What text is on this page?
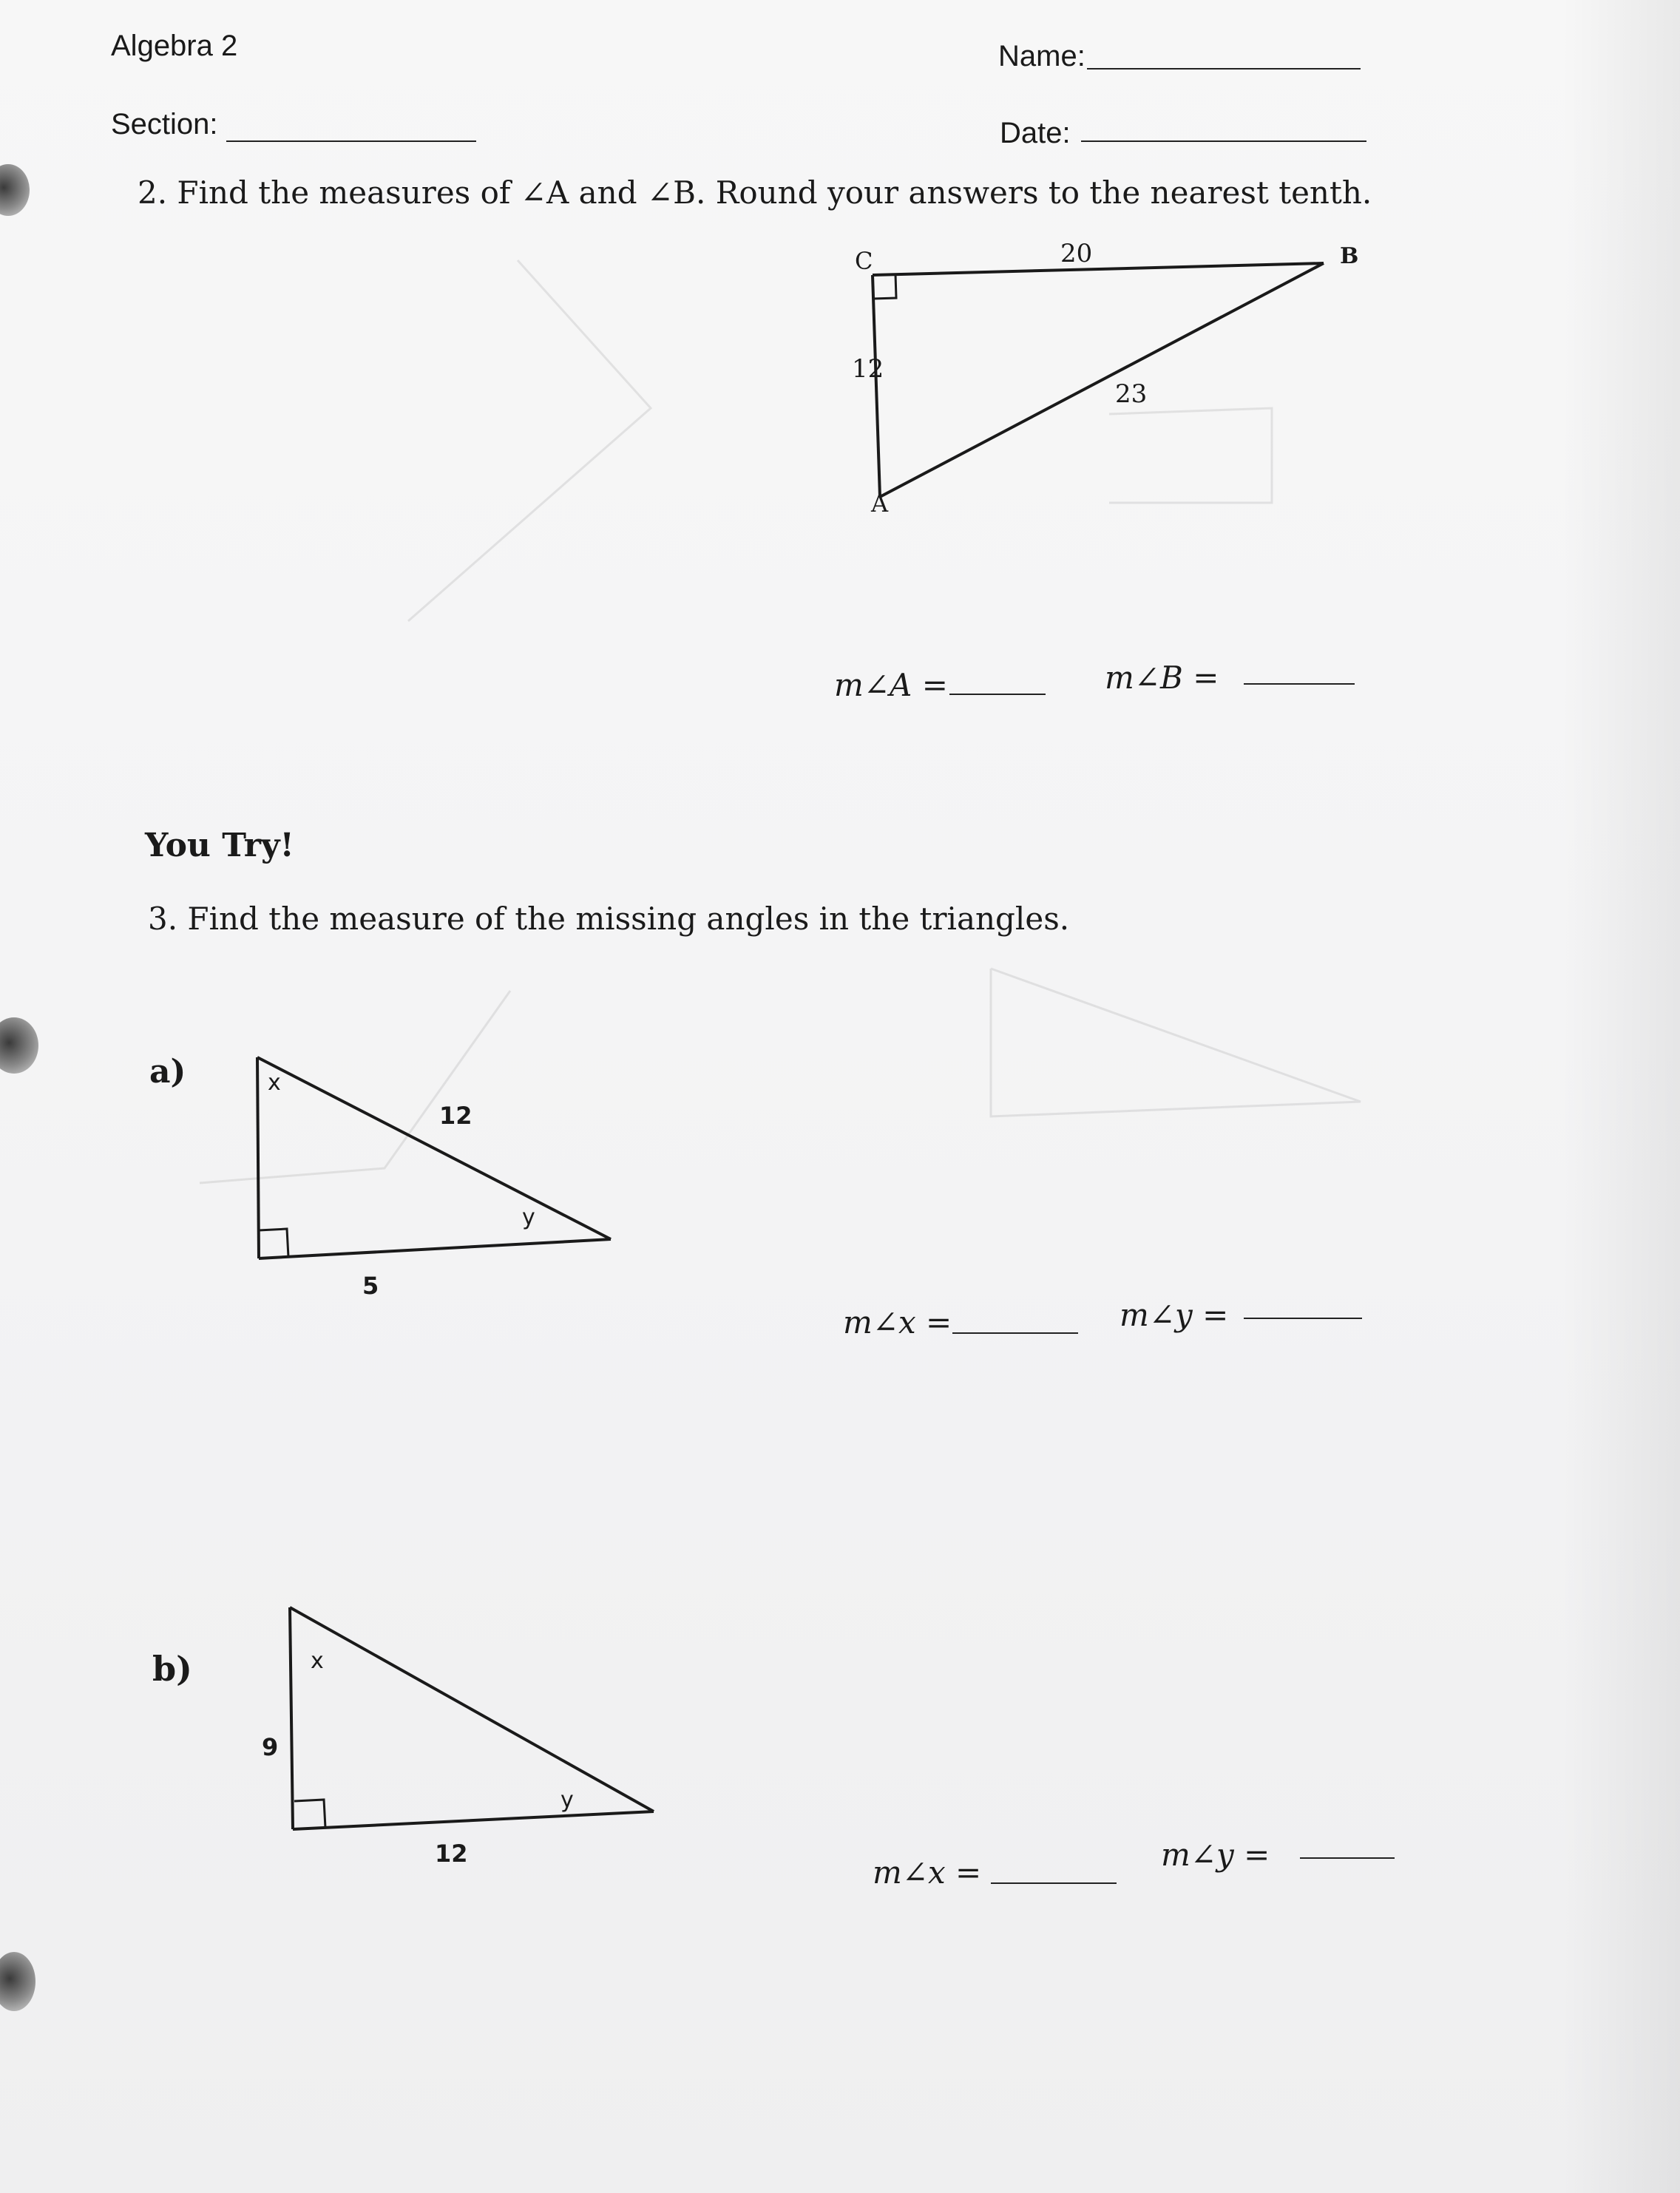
Algebra 2	Name:
Section:	Date:
2. Find the measures of ∠A and ∠B. Round your answers to the nearest tenth.
C	B
A
20
12
23
m∠A =	m∠B =
You Try!
3. Find the measure of the missing angles in the triangles.
a)	x
12
y
5
m∠x =	m∠y =
b)	x
9
y
12
m∠x =	m∠y =
